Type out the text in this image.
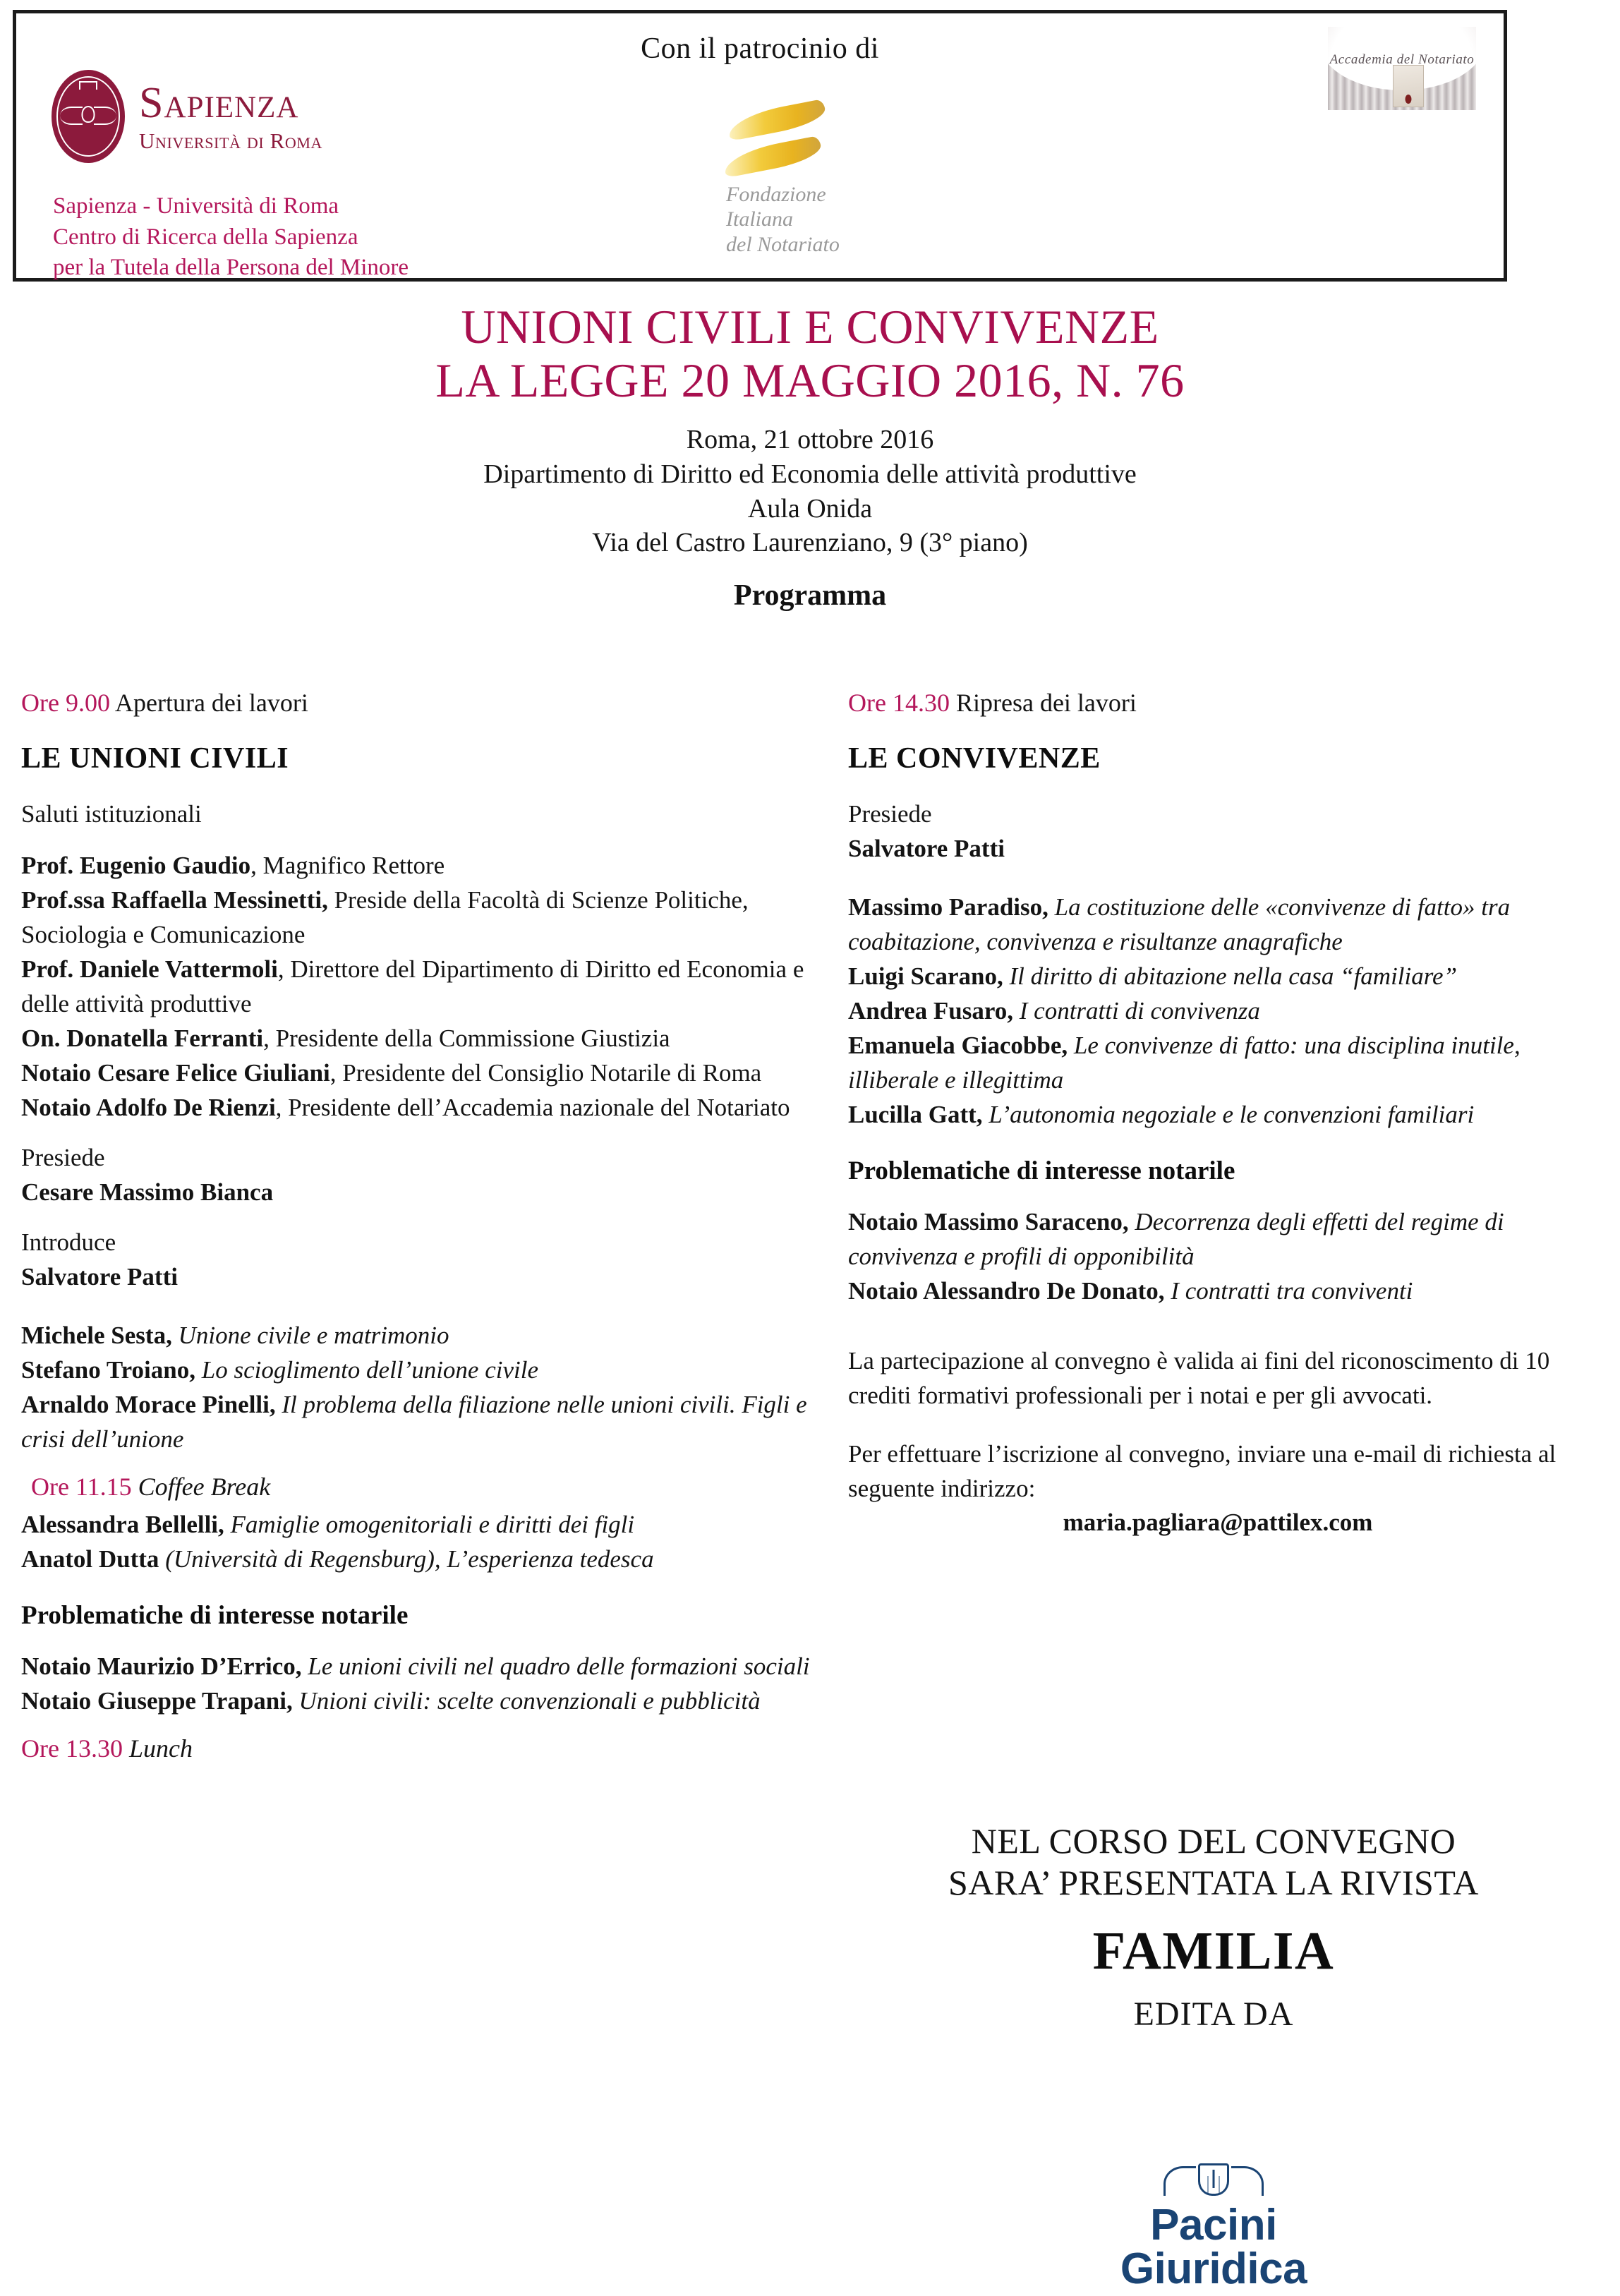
Con il patrocinio di
Sapienza
Università di Roma
Sapienza - Università di Roma
Centro di Ricerca della Sapienza
per la Tutela della Persona del Minore
Fondazione
Italiana
del Notariato
Accademia del Notariato
UNIONI CIVILI E CONVIVENZE
LA LEGGE 20 MAGGIO 2016, N. 76
Roma, 21 ottobre 2016
Dipartimento di Diritto ed Economia delle attività produttive
Aula Onida
Via del Castro Laurenziano, 9 (3° piano)
Programma
Ore 9.00 Apertura dei lavori
LE UNIONI CIVILI
Saluti istituzionali
Prof. Eugenio Gaudio, Magnifico Rettore
Prof.ssa Raffaella Messinetti, Preside della Facoltà di Scienze Politiche, Sociologia e Comunicazione
Prof. Daniele Vattermoli, Direttore del Dipartimento di Diritto ed Economia e delle attività produttive
On. Donatella Ferranti, Presidente della Commissione Giustizia
Notaio Cesare Felice Giuliani, Presidente del Consiglio Notarile di Roma
Notaio Adolfo De Rienzi, Presidente dell’Accademia nazionale del Notariato
Presiede
Cesare Massimo Bianca
Introduce
Salvatore Patti
Michele Sesta, Unione civile e matrimonio
Stefano Troiano, Lo scioglimento dell’unione civile
Arnaldo Morace Pinelli, Il problema della filiazione nelle unioni civili. Figli e crisi dell’unione
Ore 11.15 Coffee Break
Alessandra Bellelli, Famiglie omogenitoriali e diritti dei figli
Anatol Dutta (Università di Regensburg), L’esperienza tedesca
Problematiche di interesse notarile
Notaio Maurizio D’Errico, Le unioni civili nel quadro delle formazioni sociali
Notaio Giuseppe Trapani, Unioni civili: scelte convenzionali e pubblicità
Ore 13.30 Lunch
Ore 14.30 Ripresa dei lavori
LE CONVIVENZE
Presiede
Salvatore Patti
Massimo Paradiso, La costituzione delle «convivenze di fatto» tra coabitazione, convivenza e risultanze anagrafiche
Luigi Scarano, Il diritto di abitazione nella casa “familiare”
Andrea Fusaro, I contratti di convivenza
Emanuela Giacobbe, Le convivenze di fatto: una disciplina inutile, illiberale e illegittima
Lucilla Gatt, L’autonomia negoziale e le convenzioni familiari
Problematiche di interesse notarile
Notaio Massimo Saraceno, Decorrenza degli effetti del regime di convivenza e profili di opponibilità
Notaio Alessandro De Donato, I contratti tra conviventi
La partecipazione al convegno è valida ai fini del riconoscimento di 10 crediti formativi professionali per i notai e per gli avvocati.
Per effettuare l’iscrizione al convegno, inviare una e-mail di richiesta al seguente indirizzo:
maria.pagliara@pattilex.com
NEL CORSO DEL CONVEGNO
SARA’ PRESENTATA LA RIVISTA
FAMILIA
EDITA DA
Pacini
Giuridica
